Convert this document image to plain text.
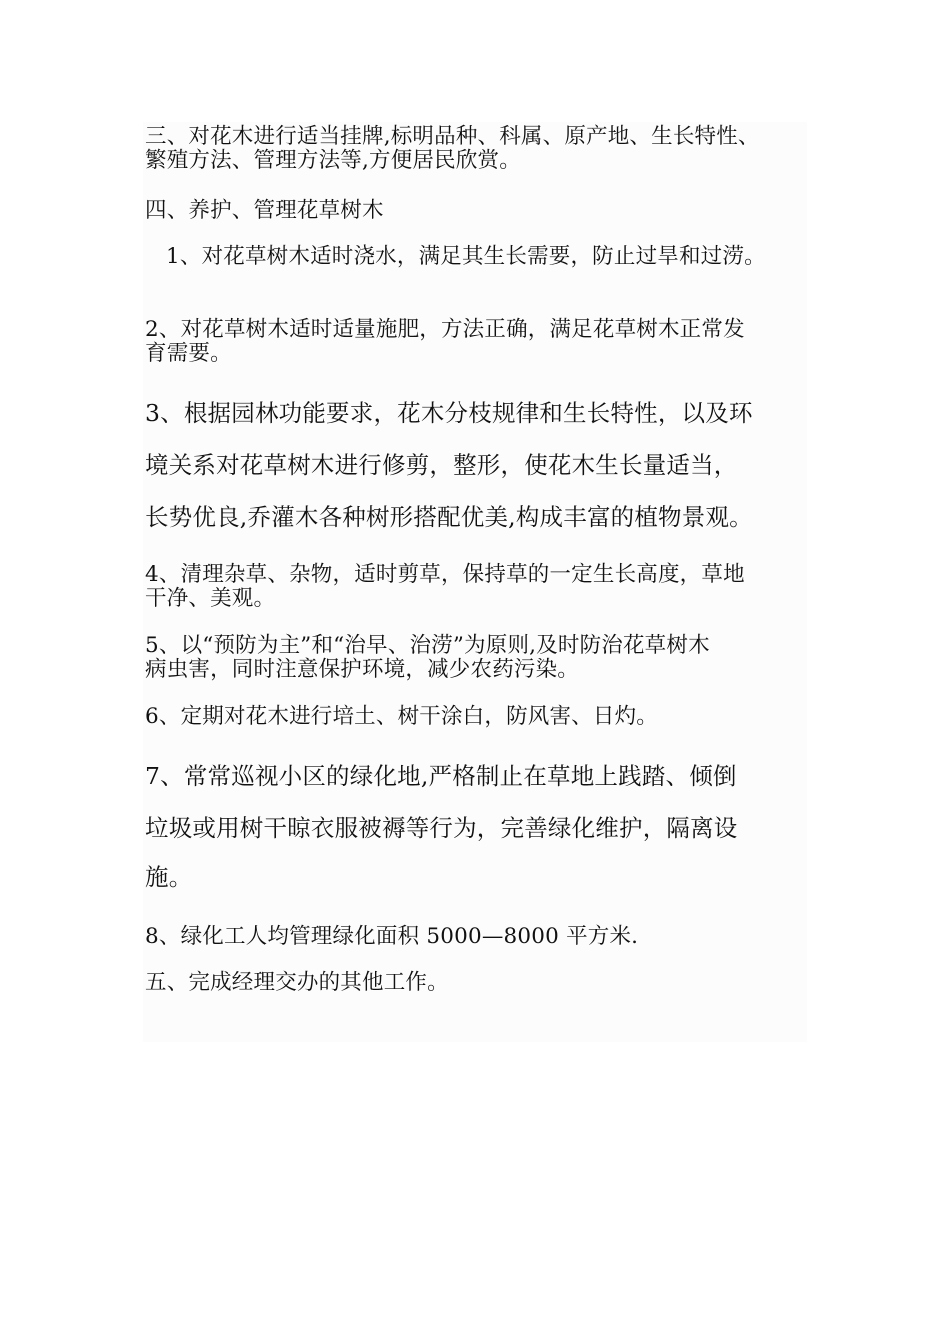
三、对花木进行适当挂牌,标明品种、科属、原产地、生长特性、
繁殖方法、管理方法等,方便居民欣赏。
四、养护、管理花草树木
1、对花草树木适时浇水，满足其生长需要，防止过旱和过涝。
2、对花草树木适时适量施肥，方法正确，满足花草树木正常发
育需要。
3、根据园林功能要求，花木分枝规律和生长特性，以及环
境关系对花草树木进行修剪，整形，使花木生长量适当，
长势优良,乔灌木各种树形搭配优美,构成丰富的植物景观。
4、清理杂草、杂物，适时剪草，保持草的一定生长高度，草地
干净、美观。
5、以“预防为主”和“治早、治涝”为原则,及时防治花草树木
病虫害，同时注意保护环境，减少农药污染。
6、定期对花木进行培土、树干涂白，防风害、日灼。
7、常常巡视小区的绿化地,严格制止在草地上践踏、倾倒
垃圾或用树干晾衣服被褥等行为，完善绿化维护，隔离设
施。
8、绿化工人均管理绿化面积 5000—8000 平方米.
五、完成经理交办的其他工作。
